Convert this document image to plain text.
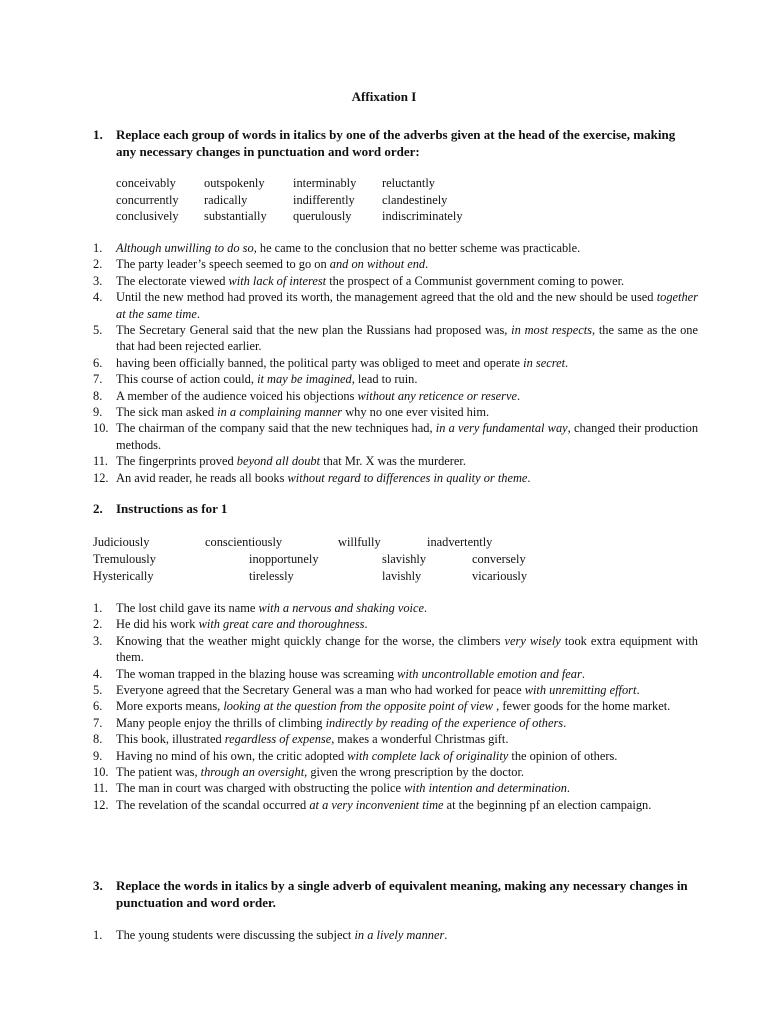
Affixation I
1. Replace each group of words in italics by one of the adverbs given at the head of the exercise, making any necessary changes in punctuation and word order:
conceivably outspokenly interminably reluctantly
concurrently radically	indifferently clandestinely
conclusively substantially querulously indiscriminately
1. Although unwilling to do so, he came to the conclusion that no better scheme was practicable.
2. The party leader’s speech seemed to go on and on without end.
3. The electorate viewed with lack of interest the prospect of a Communist government coming to power.
4. Until the new method had proved its worth, the management agreed that the old and the new should be used together at the same time.
5. The Secretary General said that the new plan the Russians had proposed was, in most respects, the same as the one that had been rejected earlier.
6. having been officially banned, the political party was obliged to meet and operate in secret.
7. This course of action could, it may be imagined, lead to ruin.
8. A member of the audience voiced his objections without any reticence or reserve.
9. The sick man asked in a complaining manner why no one ever visited him.
10. The chairman of the company said that the new techniques had, in a very fundamental way, changed their production methods.
11. The fingerprints proved beyond all doubt that Mr. X was the murderer.
12. An avid reader, he reads all books without regard to differences in quality or theme.
2. Instructions as for 1
Judiciously	conscientiously	willfully	inadvertently
Tremulously	inopportunely	slavishly	conversely
Hysterically	tirelessly	lavishly	vicariously
1. The lost child gave its name with a nervous and shaking voice.
2. He did his work with great care and thoroughness.
3. Knowing that the weather might quickly change for the worse, the climbers very wisely took extra equipment with them.
4. The woman trapped in the blazing house was screaming with uncontrollable emotion and fear.
5. Everyone agreed that the Secretary General was a man who had worked for peace with unremitting effort.
6. More exports means, looking at the question from the opposite point of view , fewer goods for the home market.
7. Many people enjoy the thrills of climbing indirectly by reading of the experience of others.
8. This book, illustrated regardless of expense, makes a wonderful Christmas gift.
9. Having no mind of his own, the critic adopted with complete lack of originality the opinion of others.
10. The patient was, through an oversight, given the wrong prescription by the doctor.
11. The man in court was charged with obstructing the police with intention and determination.
12. The revelation of the scandal occurred at a very inconvenient time at the beginning pf an election campaign.
3. Replace the words in italics by a single adverb of equivalent meaning, making any necessary changes in punctuation and word order.
1. The young students were discussing the subject in a lively manner.
